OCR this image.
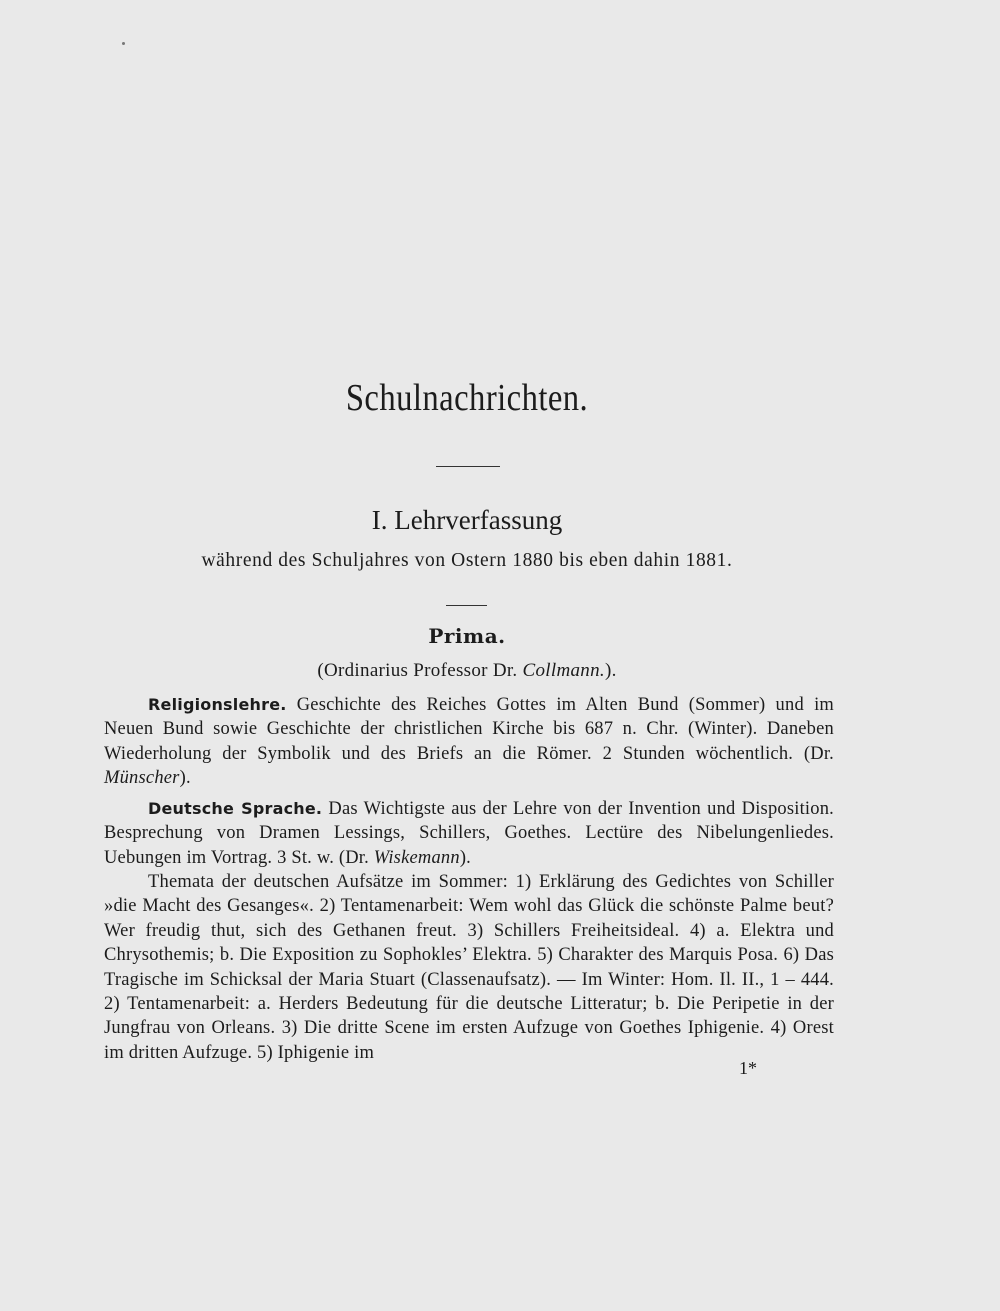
Schulnachrichten.
I. Lehrverfassung
während des Schuljahres von Ostern 1880 bis eben dahin 1881.
Prima.
(Ordinarius Professor Dr. Collmann.).
Religionslehre. Geschichte des Reiches Gottes im Alten Bund (Sommer) und im Neuen Bund sowie Geschichte der christlichen Kirche bis 687 n. Chr. (Winter). Daneben Wiederholung der Symbolik und des Briefs an die Römer. 2 Stunden wöchentlich. (Dr. Münscher).
Deutsche Sprache. Das Wichtigste aus der Lehre von der Invention und Disposition. Besprechung von Dramen Lessings, Schillers, Goethes. Lectüre des Nibelungenliedes. Uebungen im Vortrag. 3 St. w. (Dr. Wiskemann).
Themata der deutschen Aufsätze im Sommer: 1) Erklärung des Gedichtes von Schiller »die Macht des Gesanges«. 2) Tentamenarbeit: Wem wohl das Glück die schönste Palme beut? Wer freudig thut, sich des Gethanen freut. 3) Schillers Freiheitsideal. 4) a. Elektra und Chrysothemis; b. Die Exposition zu Sophokles’ Elektra. 5) Charakter des Marquis Posa. 6) Das Tragische im Schicksal der Maria Stuart (Classenaufsatz). — Im Winter: Hom. Il. II., 1 – 444. 2) Tentamenarbeit: a. Herders Bedeutung für die deutsche Litteratur; b. Die Peripetie in der Jungfrau von Orleans. 3) Die dritte Scene im ersten Aufzuge von Goethes Iphigenie. 4) Orest im dritten Aufzuge. 5) Iphigenie im
1*
